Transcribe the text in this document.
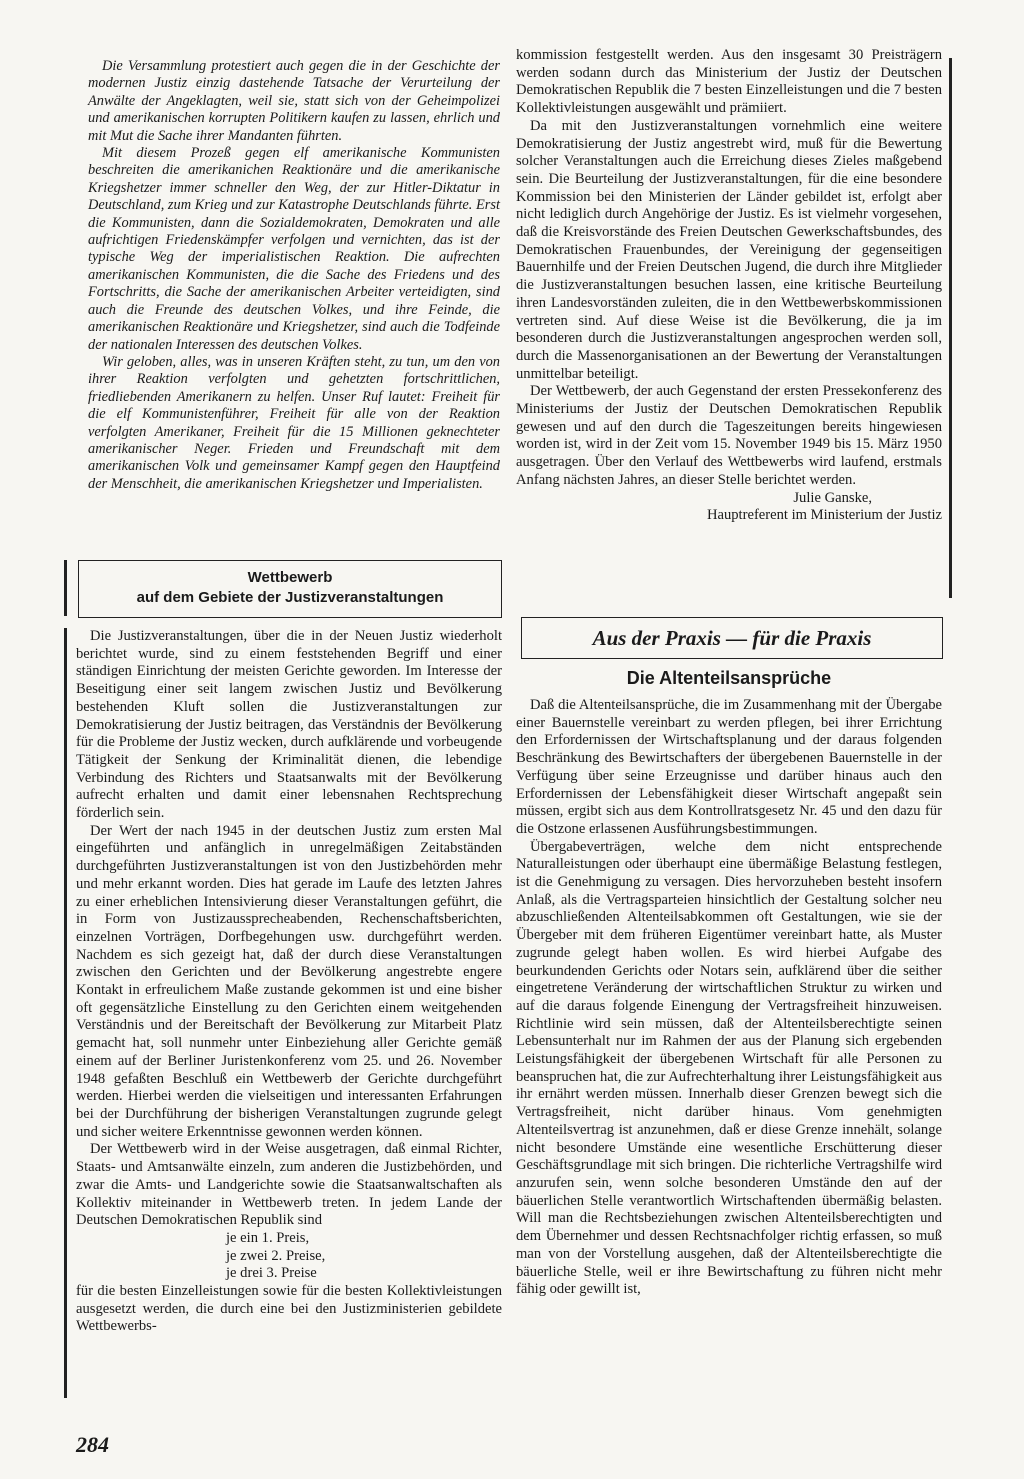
Die Versammlung protestiert auch gegen die in der Geschichte der modernen Justiz einzig dastehende Tatsache der Verurteilung der Anwälte der Angeklagten, weil sie, statt sich von der Geheimpolizei und amerikanischen korrupten Politikern kaufen zu lassen, ehrlich und mit Mut die Sache ihrer Mandanten führten.

Mit diesem Prozeß gegen elf amerikanische Kommunisten beschreiten die amerikanichen Reaktionäre und die amerikanische Kriegshetzer immer schneller den Weg, der zur Hitler-Diktatur in Deutschland, zum Krieg und zur Katastrophe Deutschlands führte. Erst die Kommunisten, dann die Sozialdemokraten, Demokraten und alle aufrichtigen Friedenskämpfer verfolgen und vernichten, das ist der typische Weg der imperialistischen Reaktion. Die aufrechten amerikanischen Kommunisten, die die Sache des Friedens und des Fortschritts, die Sache der amerikanischen Arbeiter verteidigten, sind auch die Freunde des deutschen Volkes, und ihre Feinde, die amerikanischen Reaktionäre und Kriegshetzer, sind auch die Todfeinde der nationalen Interessen des deutschen Volkes.

Wir geloben, alles, was in unseren Kräften steht, zu tun, um den von ihrer Reaktion verfolgten und gehetzten fortschrittlichen, friedliebenden Amerikanern zu helfen. Unser Ruf lautet: Freiheit für die elf Kommunistenführer, Freiheit für alle von der Reaktion verfolgten Amerikaner, Freiheit für die 15 Millionen geknechteter amerikanischer Neger. Frieden und Freundschaft mit dem amerikanischen Volk und gemeinsamer Kampf gegen den Hauptfeind der Menschheit, die amerikanischen Kriegshetzer und Imperialisten.

Wettbewerb
auf dem Gebiete der Justizveranstaltungen

Die Justizveranstaltungen, über die in der Neuen Justiz wiederholt berichtet wurde, sind zu einem feststehenden Begriff und einer ständigen Einrichtung der meisten Gerichte geworden. Im Interesse der Beseitigung einer seit langem zwischen Justiz und Bevölkerung bestehenden Kluft sollen die Justizveranstaltungen zur Demokratisierung der Justiz beitragen, das Verständnis der Bevölkerung für die Probleme der Justiz wecken, durch aufklärende und vorbeugende Tätigkeit der Senkung der Kriminalität dienen, die lebendige Verbindung des Richters und Staatsanwalts mit der Bevölkerung aufrecht erhalten und damit einer lebensnahen Rechtsprechung förderlich sein.

Der Wert der nach 1945 in der deutschen Justiz zum ersten Mal eingeführten und anfänglich in unregelmäßigen Zeitabständen durchgeführten Justizveranstaltungen ist von den Justizbehörden mehr und mehr erkannt worden. Dies hat gerade im Laufe des letzten Jahres zu einer erheblichen Intensivierung dieser Veranstaltungen geführt, die in Form von Justizaussprecheabenden, Rechenschaftsberichten, einzelnen Vorträgen, Dorfbegehungen usw. durchgeführt werden. Nachdem es sich gezeigt hat, daß der durch diese Veranstaltungen zwischen den Gerichten und der Bevölkerung angestrebte engere Kontakt in erfreulichem Maße zustande gekommen ist und eine bisher oft gegensätzliche Einstellung zu den Gerichten einem weitgehenden Verständnis und der Bereitschaft der Bevölkerung zur Mitarbeit Platz gemacht hat, soll nunmehr unter Einbeziehung aller Gerichte gemäß einem auf der Berliner Juristenkonferenz vom 25. und 26. November 1948 gefaßten Beschluß ein Wettbewerb der Gerichte durchgeführt werden. Hierbei werden die vielseitigen und interessanten Erfahrungen bei der Durchführung der bisherigen Veranstaltungen zugrunde gelegt und sicher weitere Erkenntnisse gewonnen werden können.

Der Wettbewerb wird in der Weise ausgetragen, daß einmal Richter, Staats- und Amtsanwälte einzeln, zum anderen die Justizbehörden, und zwar die Amts- und Landgerichte sowie die Staatsanwaltschaften als Kollektiv miteinander in Wettbewerb treten. In jedem Lande der Deutschen Demokratischen Republik sind

je ein 1. Preis,
je zwei 2. Preise,
je drei 3. Preise

für die besten Einzelleistungen sowie für die besten Kollektivleistungen ausgesetzt werden, die durch eine bei den Justizministerien gebildete Wettbewerbs-

kommission festgestellt werden. Aus den insgesamt 30 Preisträgern werden sodann durch das Ministerium der Justiz der Deutschen Demokratischen Republik die 7 besten Einzelleistungen und die 7 besten Kollektivleistungen ausgewählt und prämiiert.

Da mit den Justizveranstaltungen vornehmlich eine weitere Demokratisierung der Justiz angestrebt wird, muß für die Bewertung solcher Veranstaltungen auch die Erreichung dieses Zieles maßgebend sein. Die Beurteilung der Justizveranstaltungen, für die eine besondere Kommission bei den Ministerien der Länder gebildet ist, erfolgt aber nicht lediglich durch Angehörige der Justiz. Es ist vielmehr vorgesehen, daß die Kreisvorstände des Freien Deutschen Gewerkschaftsbundes, des Demokratischen Frauenbundes, der Vereinigung der gegenseitigen Bauernhilfe und der Freien Deutschen Jugend, die durch ihre Mitglieder die Justizveranstaltungen besuchen lassen, eine kritische Beurteilung ihren Landesvorständen zuleiten, die in den Wettbewerbskommissionen vertreten sind. Auf diese Weise ist die Bevölkerung, die ja im besonderen durch die Justizveranstaltungen angesprochen werden soll, durch die Massenorganisationen an der Bewertung der Veranstaltungen unmittelbar beteiligt.

Der Wettbewerb, der auch Gegenstand der ersten Pressekonferenz des Ministeriums der Justiz der Deutschen Demokratischen Republik gewesen und auf den durch die Tageszeitungen bereits hingewiesen worden ist, wird in der Zeit vom 15. November 1949 bis 15. März 1950 ausgetragen. Über den Verlauf des Wettbewerbs wird laufend, erstmals Anfang nächsten Jahres, an dieser Stelle berichtet werden.

Julie Ganske,
Hauptreferent im Ministerium der Justiz
Aus der Praxis — für die Praxis
Die Altenteilsansprüche

Daß die Altenteilsansprüche, die im Zusammenhang mit der Übergabe einer Bauernstelle vereinbart zu werden pflegen, bei ihrer Errichtung den Erfordernissen der Wirtschaftsplanung und der daraus folgenden Beschränkung des Bewirtschafters der übergebenen Bauernstelle in der Verfügung über seine Erzeugnisse und darüber hinaus auch den Erfordernissen der Lebensfähigkeit dieser Wirtschaft angepaßt sein müssen, ergibt sich aus dem Kontrollratsgesetz Nr. 45 und den dazu für die Ostzone erlassenen Ausführungsbestimmungen.

Übergabeverträgen, welche dem nicht entsprechende Naturalleistungen oder überhaupt eine übermäßige Belastung festlegen, ist die Genehmigung zu versagen. Dies hervorzuheben besteht insofern Anlaß, als die Vertragsparteien hinsichtlich der Gestaltung solcher neu abzuschließenden Altenteilsabkommen oft Gestaltungen, wie sie der Übergeber mit dem früheren Eigentümer vereinbart hatte, als Muster zugrunde gelegt haben wollen. Es wird hierbei Aufgabe des beurkundenden Gerichts oder Notars sein, aufklärend über die seither eingetretene Veränderung der wirtschaftlichen Struktur zu wirken und auf die daraus folgende Einengung der Vertragsfreiheit hinzuweisen. Richtlinie wird sein müssen, daß der Altenteilsberechtigte seinen Lebensunterhalt nur im Rahmen der aus der Planung sich ergebenden Leistungsfähigkeit der übergebenen Wirtschaft für alle Personen zu beanspruchen hat, die zur Aufrechterhaltung ihrer Leistungsfähigkeit aus ihr ernährt werden müssen. Innerhalb dieser Grenzen bewegt sich die Vertragsfreiheit, nicht darüber hinaus. Vom genehmigten Altenteilsvertrag ist anzunehmen, daß er diese Grenze innehält, solange nicht besondere Umstände eine wesentliche Erschütterung dieser Geschäftsgrundlage mit sich bringen. Die richterliche Vertragshilfe wird anzurufen sein, wenn solche besonderen Umstände den auf der bäuerlichen Stelle verantwortlich Wirtschaftenden übermäßig belasten. Will man die Rechtsbeziehungen zwischen Altenteilsberechtigten und dem Übernehmer und dessen Rechtsnachfolger richtig erfassen, so muß man von der Vorstellung ausgehen, daß der Altenteilsberechtigte die bäuerliche Stelle, weil er ihre Bewirtschaftung zu führen nicht mehr fähig oder gewillt ist,

284
